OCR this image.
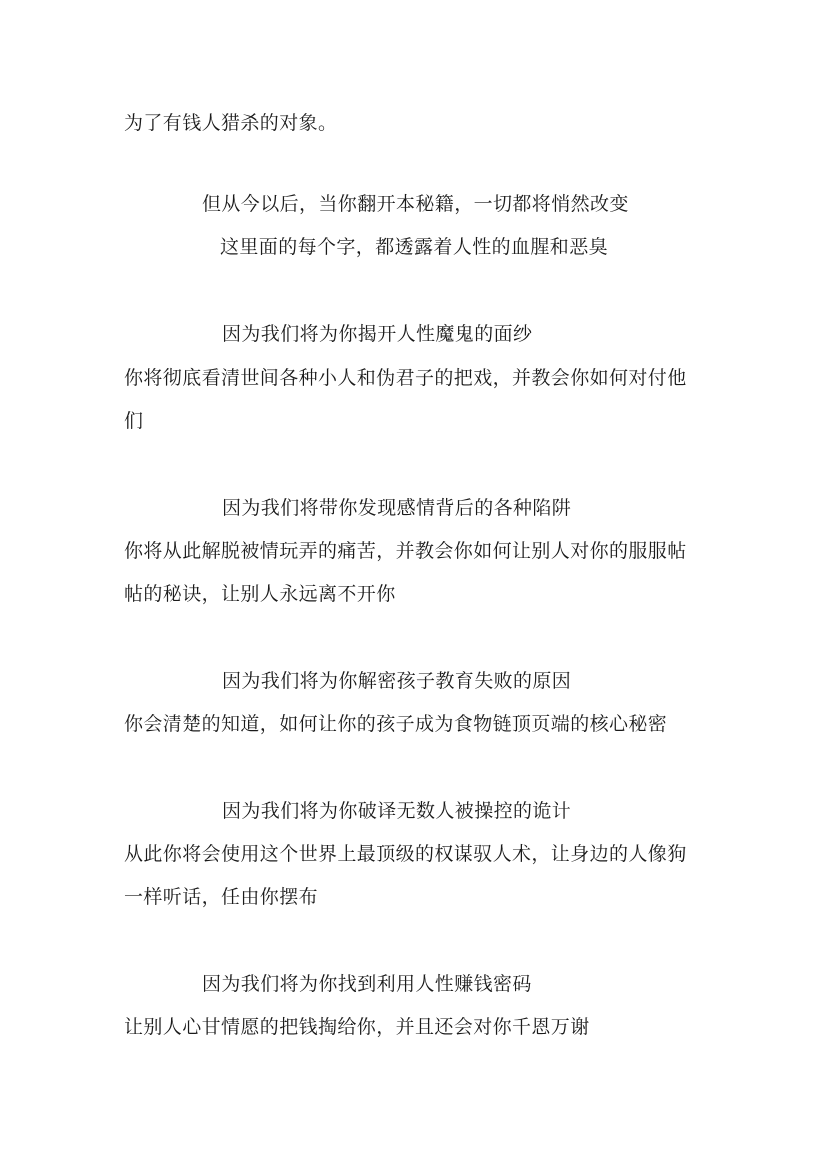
为了有钱人猎杀的对象。
但从今以后，当你翻开本秘籍，一切都将悄然改变
这里面的每个字，都透露着人性的血腥和恶臭
因为我们将为你揭开人性魔鬼的面纱
你将彻底看清世间各种小人和伪君子的把戏，并教会你如何对付他
们
因为我们将带你发现感情背后的各种陷阱
你将从此解脱被情玩弄的痛苦，并教会你如何让别人对你的服服帖
帖的秘诀，让别人永远离不开你
因为我们将为你解密孩子教育失败的原因
你会清楚的知道，如何让你的孩子成为食物链顶页端的核心秘密
因为我们将为你破译无数人被操控的诡计
从此你将会使用这个世界上最顶级的权谋驭人术，让身边的人像狗
一样听话，任由你摆布
因为我们将为你找到利用人性赚钱密码
让别人心甘情愿的把钱掏给你，并且还会对你千恩万谢
